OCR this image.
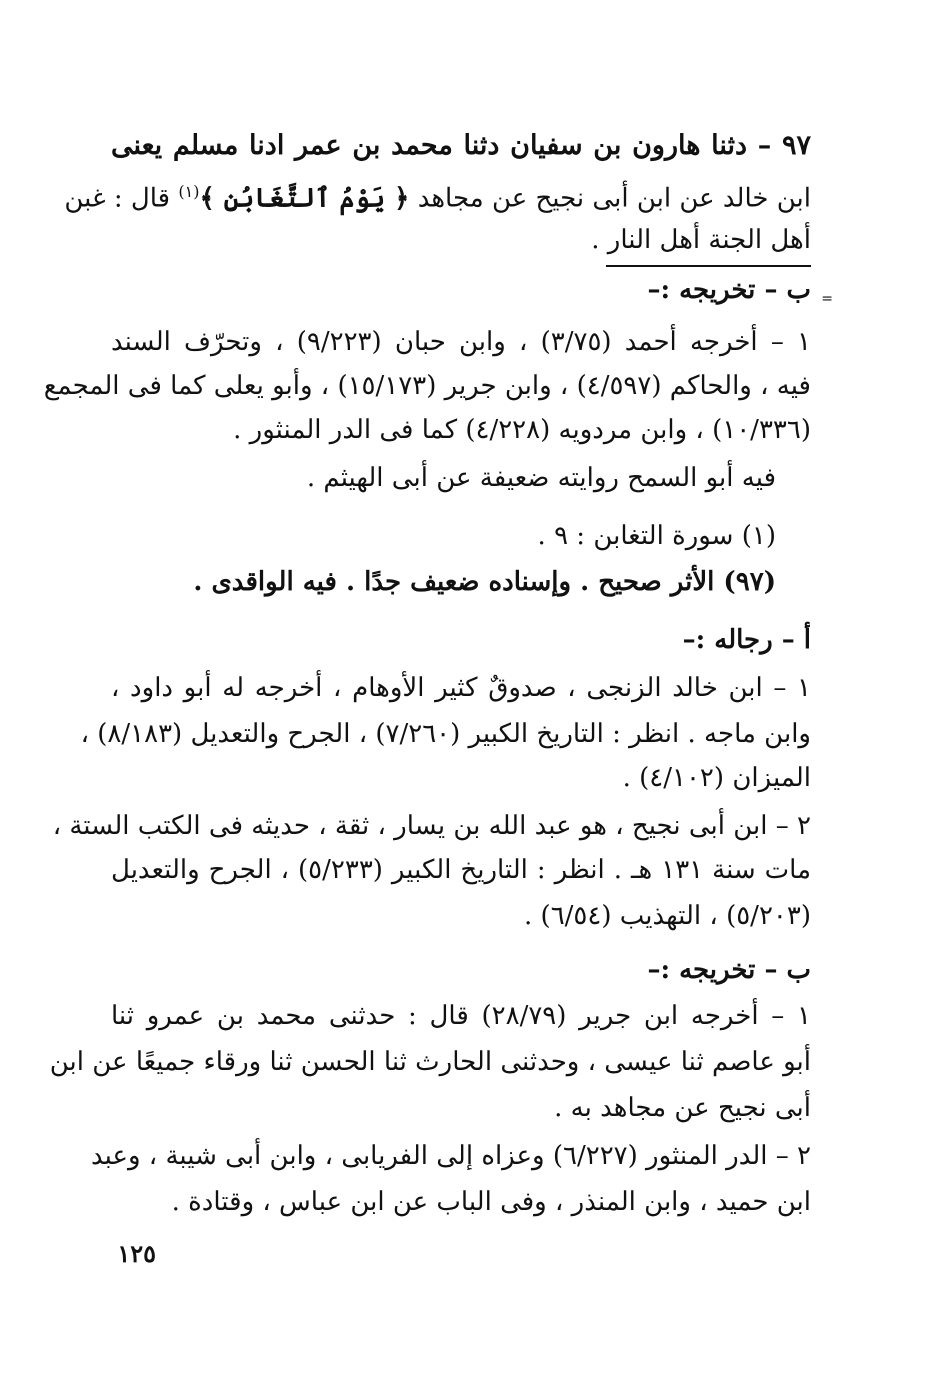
٩٧ – دثنا هارون بن سفيان دثنا محمد بن عمر ادنا مسلم يعنى
ابن خالد عن ابن أبى نجيح عن مجاهد ﴿ يَوْمُ ٱلتَّغَابُنِ ﴾$^{(١)}$ قال : غبن
أهل الجنة أهل النار .
=
ب – تخريجه :–
١ – أخرجه أحمد (٣/٧٥) ، وابن حبان (٩/٢٢٣) ، وتحرّف السند
فيه ، والحاكم (٤/٥٩٧) ، وابن جرير (١٥/١٧٣) ، وأبو يعلى كما فى المجمع
(١٠/٣٣٦) ، وابن مردويه (٤/٢٢٨) كما فى الدر المنثور .
فيه أبو السمح روايته ضعيفة عن أبى الهيثم .
(١) سورة التغابن : ٩ .
(٩٧) الأثر صحيح . وإسناده ضعيف جدًا . فيه الواقدى .
أ – رجاله :–
١ – ابن خالد الزنجى ، صدوقٌ كثير الأوهام ، أخرجه له أبو داود ،
وابن ماجه . انظر : التاريخ الكبير (٧/٢٦٠) ، الجرح والتعديل (٨/١٨٣) ،
الميزان (٤/١٠٢) .
٢ – ابن أبى نجيح ، هو عبد الله بن يسار ، ثقة ، حديثه فى الكتب الستة ،
مات سنة ١٣١ هـ . انظر : التاريخ الكبير (٥/٢٣٣) ، الجرح والتعديل
(٥/٢٠٣) ، التهذيب (٦/٥٤) .
ب – تخريجه :–
١ – أخرجه ابن جرير (٢٨/٧٩) قال : حدثنى محمد بن عمرو ثنا
أبو عاصم ثنا عيسى ، وحدثنى الحارث ثنا الحسن ثنا ورقاء جميعًا عن ابن
أبى نجيح عن مجاهد به .
٢ – الدر المنثور (٦/٢٢٧) وعزاه إلى الفريابى ، وابن أبى شيبة ، وعبد
ابن حميد ، وابن المنذر ، وفى الباب عن ابن عباس ، وقتادة .
١٢٥
